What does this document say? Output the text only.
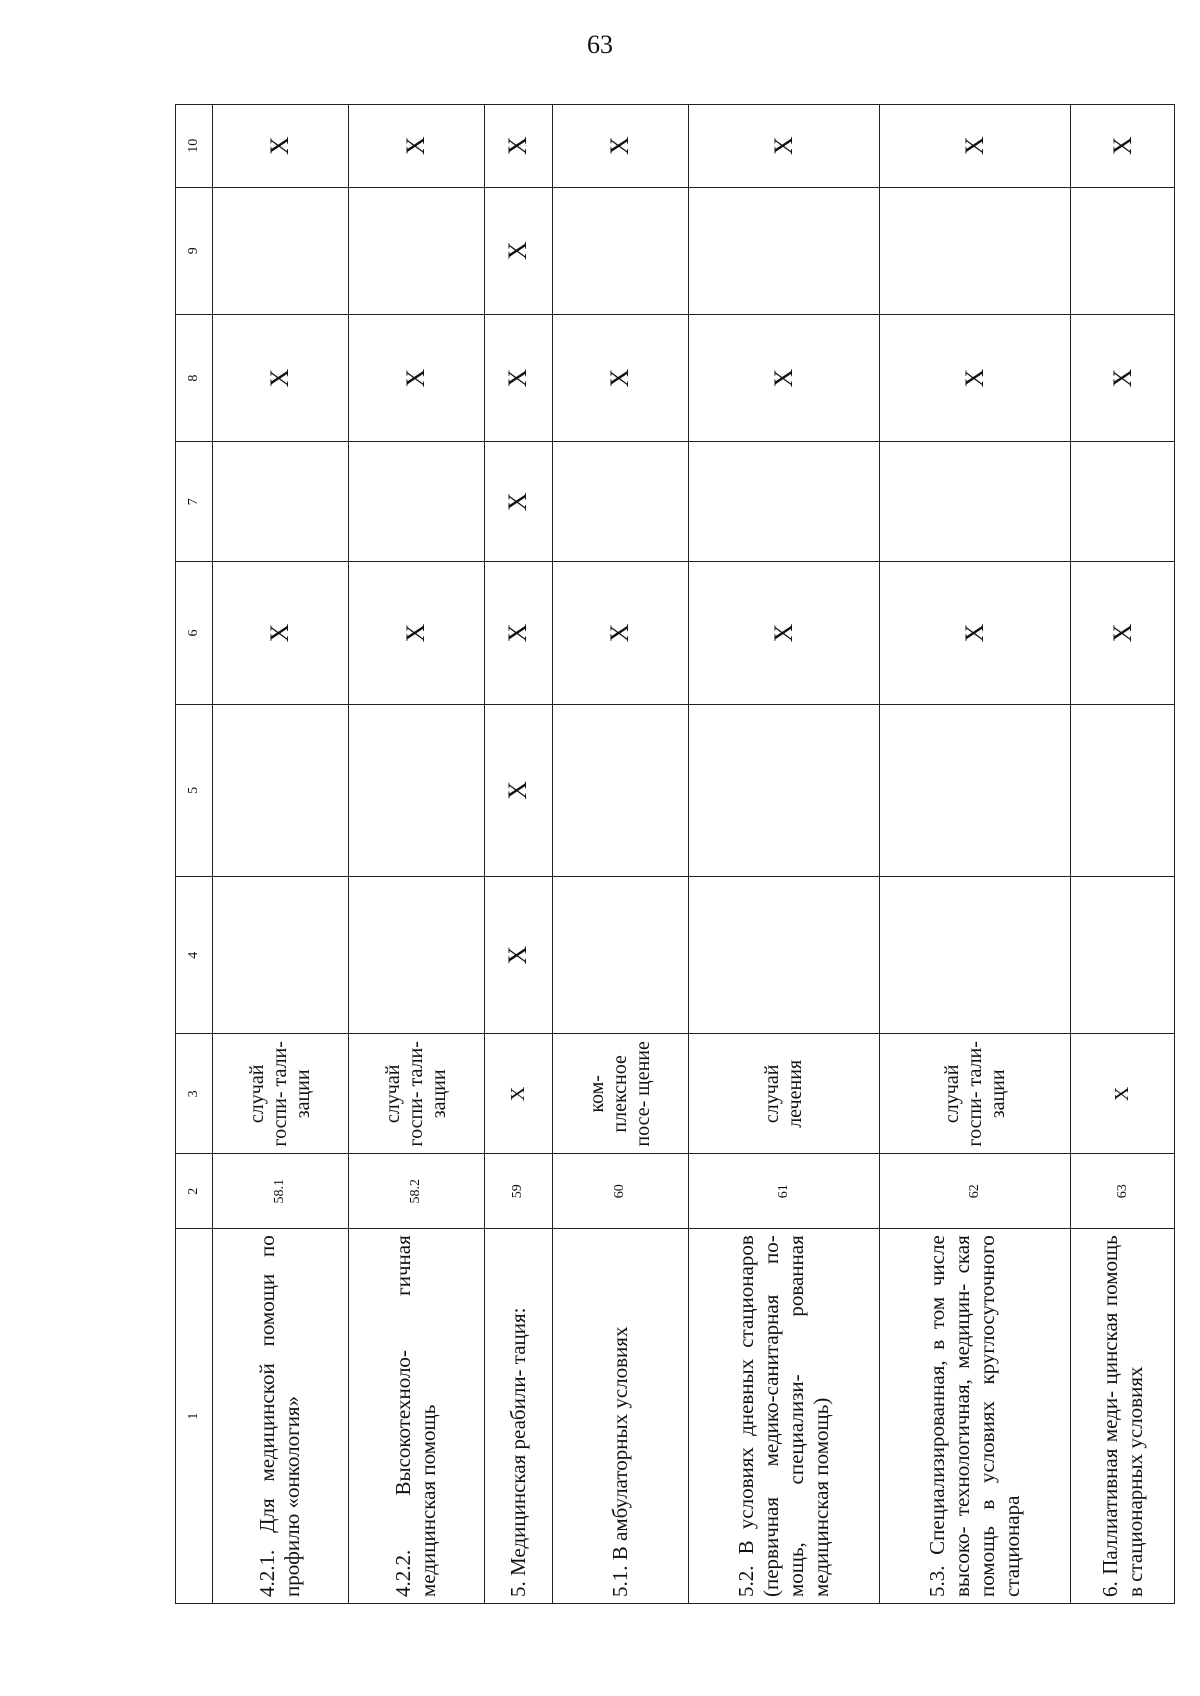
63
1	2	3	4	5	6	7	8	9	10
4.2.1. Для медицинской помощи по профилю «онкология»	58.1	случай госпи- тали- зации			Х		Х		Х
4.2.2. Высокотехноло- гичная медицинская помощь	58.2	случай госпи- тали- зации			Х		Х		Х
5. Медицинская реабили- тация:	59	Х	Х	Х	Х	Х	Х	Х	Х
5.1. В амбулаторных условиях	60	ком- плексное посе- щение			Х		Х		Х
5.2. В условиях дневных стационаров (первичная медико-санитарная по- мощь, специализи- рованная медицинская помощь)	61	случай лечения			Х		Х		Х
5.3. Специализированная, в том числе высоко- технологичная, медицин- ская помощь в условиях круглосуточного стационара	62	случай госпи- тали- зации			Х		Х		Х
6. Паллиативная меди- цинская помощь в стационарных условиях	63	Х			Х		Х		Х
